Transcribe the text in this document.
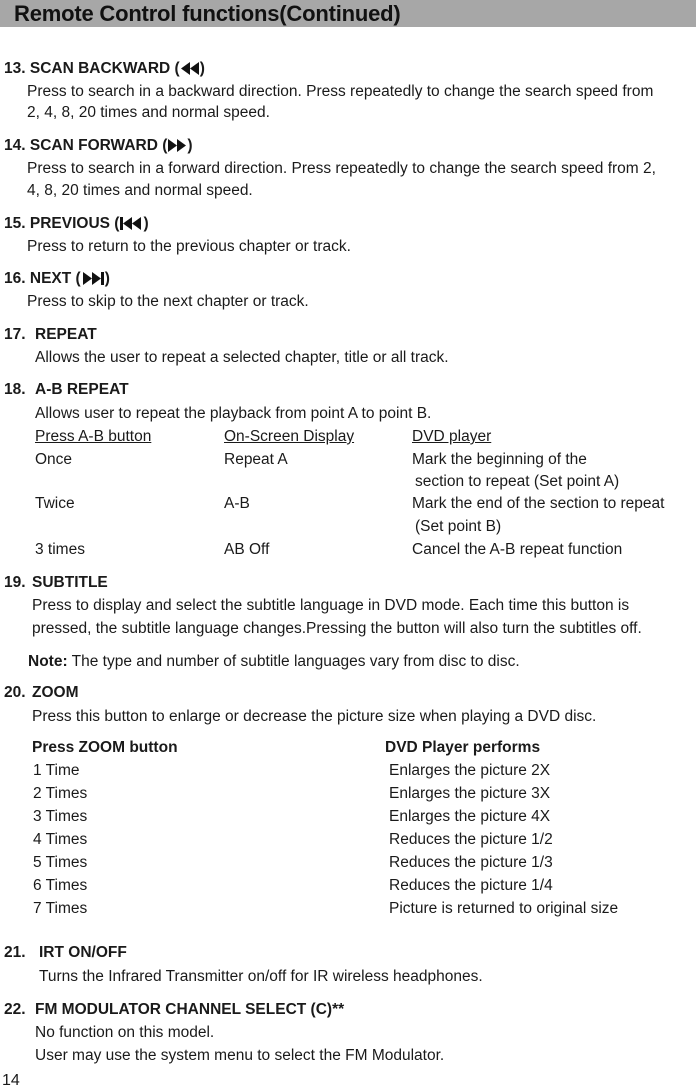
Remote Control functions(Continued)
13. SCAN BACKWARD ( )
Press to search in a backward direction. Press repeatedly to change the search speed from
2, 4, 8, 20 times and normal speed.
14. SCAN FORWARD ( )
Press to search in a forward direction. Press repeatedly to change the search speed from 2,
4, 8, 20 times and normal speed.
15. PREVIOUS ( )
Press to return to the previous chapter or track.
16. NEXT ( )
Press to skip to the next chapter or track.
17. REPEAT
Allows the user to repeat a selected chapter, title or all track.
18. A-B REPEAT
Allows user to repeat the playback from point A to point B.
Press A-B button	On-Screen Display	DVD player
Once	Repeat A	Mark the beginning of the
section to repeat (Set point A)
Twice	A-B	Mark the end of the section to repeat
(Set point B)
3 times	AB Off	Cancel the A-B repeat function
19. SUBTITLE
Press to display and select the subtitle language in DVD mode. Each time this button is
pressed, the subtitle language changes.Pressing the button will also turn the subtitles off.
Note: The type and number of subtitle languages vary from disc to disc.
20. ZOOM
Press this button to enlarge or decrease the picture size when playing a DVD disc.
Press ZOOM button	DVD Player performs
1 Time	Enlarges the picture 2X
2 Times	Enlarges the picture 3X
3 Times	Enlarges the picture 4X
4 Times	Reduces the picture 1/2
5 Times	Reduces the picture 1/3
6 Times	Reduces the picture 1/4
7 Times	Picture is returned to original size
21. IRT ON/OFF
Turns the Infrared Transmitter on/off for IR wireless headphones.
22. FM MODULATOR CHANNEL SELECT (C)**
No function on this model.
User may use the system menu to select the FM Modulator.
14
